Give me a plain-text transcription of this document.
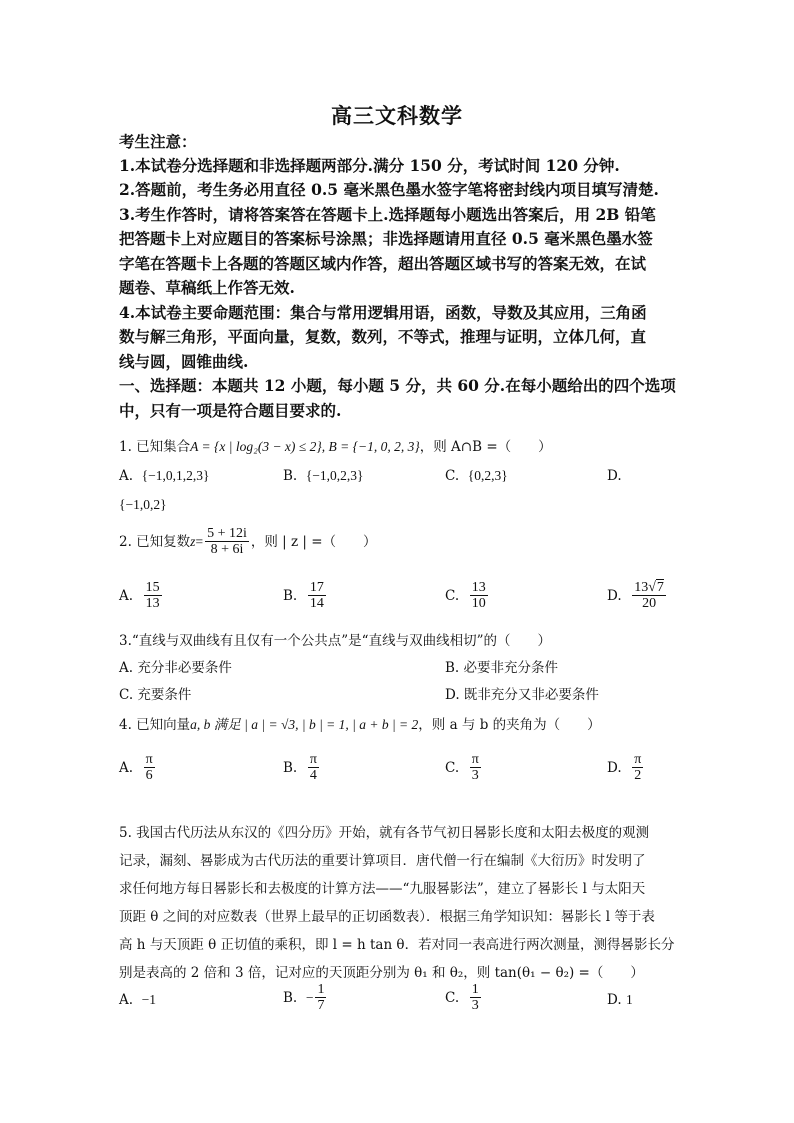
高三文科数学
考生注意：
1.本试卷分选择题和非选择题两部分.满分 150 分，考试时间 120 分钟.
2.答题前，考生务必用直径 0.5 毫米黑色墨水签字笔将密封线内项目填写清楚.
3.考生作答时，请将答案答在答题卡上.选择题每小题选出答案后，用 2B 铅笔
把答题卡上对应题目的答案标号涂黑；非选择题请用直径 0.5 毫米黑色墨水签
字笔在答题卡上各题的答题区域内作答，超出答题区域书写的答案无效，在试
题卷、草稿纸上作答无效.
4.本试卷主要命题范围：集合与常用逻辑用语，函数，导数及其应用，三角函
数与解三角形，平面向量，复数，数列，不等式，推理与证明，立体几何，直
线与圆，圆锥曲线.
一、选择题：本题共 12 小题，每小题 5 分，共 60 分.在每小题给出的四个选项
中，只有一项是符合题目要求的.
1. 已知集合A = {x | log₂(3 − x) ≤ 2}, B = {−1, 0, 2, 3}，则 A∩B =（　　）
A. {−1,0,1,2,3}	B. {−1,0,2,3}	C. {0,2,3}	D.
{−1,0,2}
2. 已知复数 $z = \frac{5 + 12i}{8 + 6i}$ ，则 | z | =（　　）
A.
$\frac{15}{13}$	B.
$\frac{17}{14}$	C.
$\frac{13}{10}$	D.
$\frac{13√7}{20}$
3.“直线与双曲线有且仅有一个公共点”是“直线与双曲线相切”的（　　）
A. 充分非必要条件	B. 必要非充分条件
C. 充要条件	D. 既非充分又非必要条件
4. 已知向量a, b 满足 | a | = √3, | b | = 1, | a + b | = 2，则 a 与 b 的夹角为（　　）
A.
$\frac{\pi}{6}$	B.
$\frac{\pi}{4}$	C.
$\frac{\pi}{3}$	D.
$\frac{\pi}{2}$
5. 我国古代历法从东汉的《四分历》开始，就有各节气初日晷影长度和太阳去极度的观测
记录，漏刻、晷影成为古代历法的重要计算项目．唐代僧一行在编制《大衍历》时发明了
求任何地方每日晷影长和去极度的计算方法——“九服晷影法”，建立了晷影长 l 与太阳天
顶距 θ 之间的对应数表（世界上最早的正切函数表）．根据三角学知识知：晷影长 l 等于表
高 h 与天顶距 θ 正切值的乘积，即 l = h tan θ．若对同一表高进行两次测量，测得晷影长分
别是表高的 2 倍和 3 倍，记对应的天顶距分别为 θ₁ 和 θ₂，则 tan(θ₁ − θ₂) =（　　）
A.
−1	B.
− $\frac{1}{7}$	C.
$\frac{1}{3}$	D.
1
